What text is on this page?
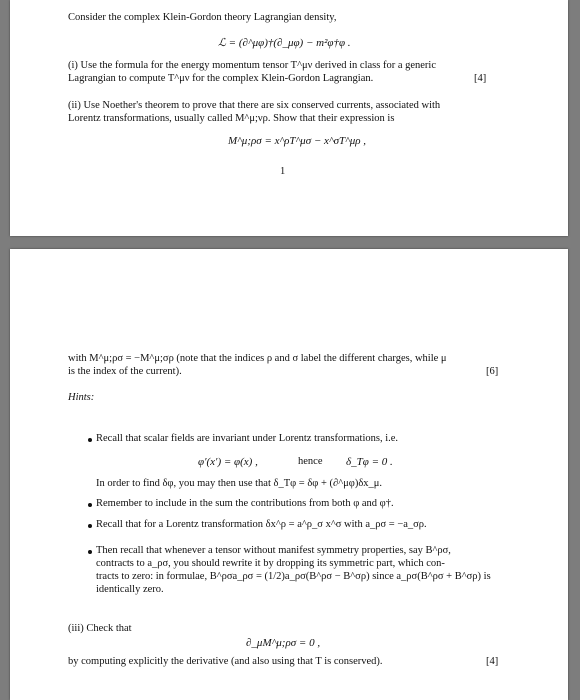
Consider the complex Klein-Gordon theory Lagrangian density,
ℒ = (∂^μφ)†(∂_μφ) − m²φ†φ .
(i) Use the formula for the energy momentum tensor T^μν derived in class for a generic
Lagrangian to compute T^μν for the complex Klein-Gordon Lagrangian.	[4]
(ii) Use Noether's theorem to prove that there are six conserved currents, associated with
Lorentz transformations, usually called M^μ;νρ. Show that their expression is
M^μ;ρσ = x^ρT^μσ − x^σT^μρ ,
1
with M^μ;ρσ = −M^μ;σρ (note that the indices ρ and σ label the different charges, while μ
is the index of the current).	[6]
Hints:
Recall that scalar fields are invariant under Lorentz transformations, i.e.
φ′(x′) = φ(x) ,	hence δ_Tφ = 0 .
In order to find δφ, you may then use that δ_Tφ = δφ + (∂^μφ)δx_μ.
Remember to include in the sum the contributions from both φ and φ†.
Recall that for a Lorentz transformation δx^ρ = a^ρ_σ x^σ with a_ρσ = −a_σρ.
Then recall that whenever a tensor without manifest symmetry properties, say B^ρσ,
contracts to a_ρσ, you should rewrite it by dropping its symmetric part, which con-
tracts to zero: in formulae, B^ρσa_ρσ = (1/2)a_ρσ(B^ρσ − B^σρ) since a_ρσ(B^ρσ + B^σρ) is
identically zero.
(iii) Check that
∂_μM^μ;ρσ = 0 ,
by computing explicitly the derivative (and also using that T is conserved).	[4]
